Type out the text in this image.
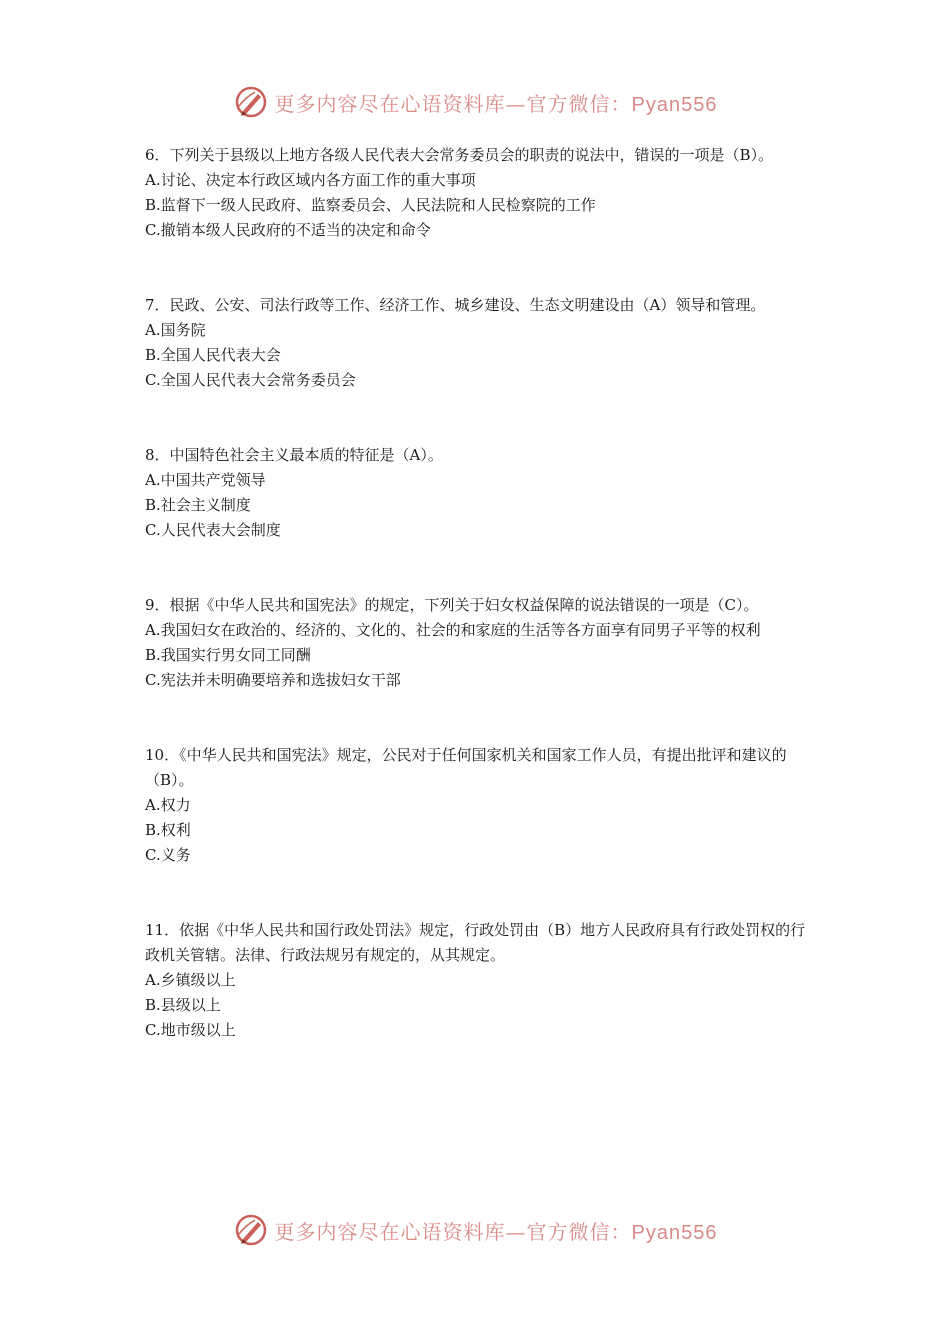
更多内容尽在心语资料库—官方微信：Pyan556

6．下列关于县级以上地方各级人民代表大会常务委员会的职责的说法中，错误的一项是（B）。

A.讨论、决定本行政区域内各方面工作的重大事项

B.监督下一级人民政府、监察委员会、人民法院和人民检察院的工作

C.撤销本级人民政府的不适当的决定和命令

7．民政、公安、司法行政等工作、经济工作、城乡建设、生态文明建设由（A）领导和管理。

A.国务院

B.全国人民代表大会

C.全国人民代表大会常务委员会

8．中国特色社会主义最本质的特征是（A）。

A.中国共产党领导

B.社会主义制度

C.人民代表大会制度

9．根据《中华人民共和国宪法》的规定，下列关于妇女权益保障的说法错误的一项是（C）。

A.我国妇女在政治的、经济的、文化的、社会的和家庭的生活等各方面享有同男子平等的权利

B.我国实行男女同工同酬

C.宪法并未明确要培养和选拔妇女干部

10．《中华人民共和国宪法》规定，公民对于任何国家机关和国家工作人员，有提出批评和建议的（B）。

A.权力

B.权利

C.义务

11．依据《中华人民共和国行政处罚法》规定，行政处罚由（B）地方人民政府具有行政处罚权的行政机关管辖。法律、行政法规另有规定的，从其规定。

A.乡镇级以上

B.县级以上

C.地市级以上

更多内容尽在心语资料库—官方微信：Pyan556
